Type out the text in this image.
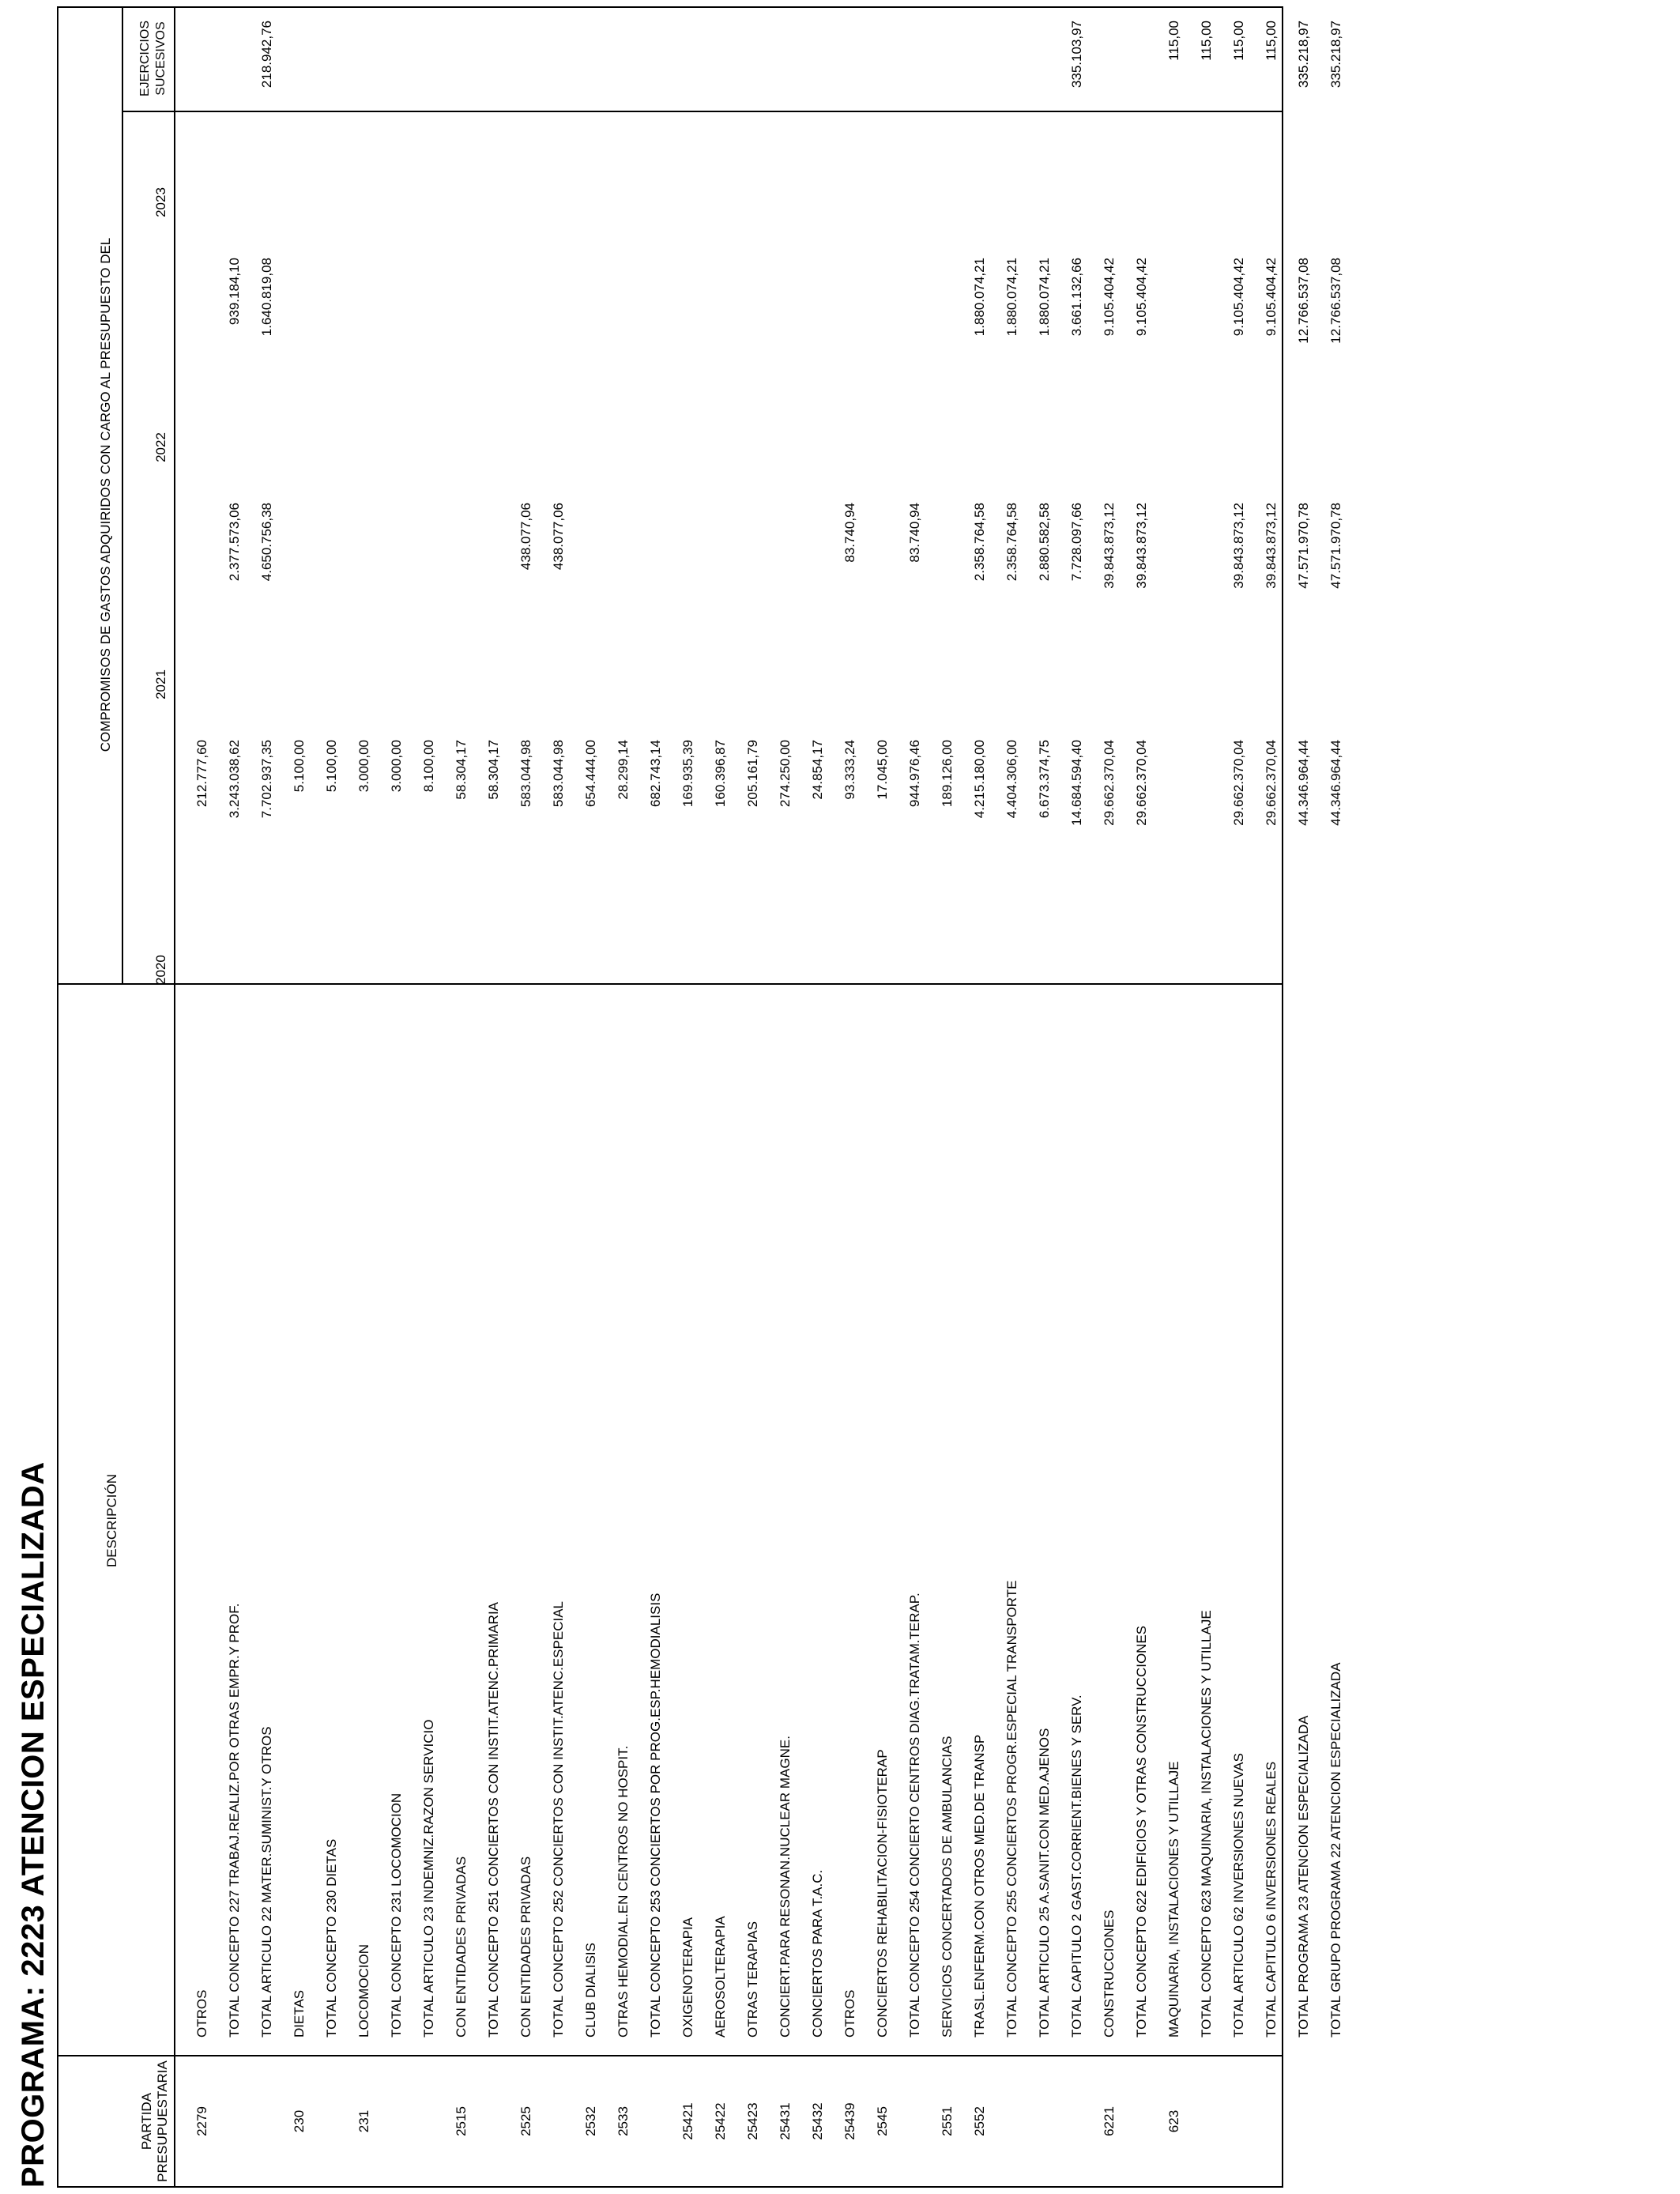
PROGRAMA: 2223 ATENCION ESPECIALIZADA	PARTIDA PRESUPUESTARIA
DESCRIPCIÓN
COMPROMISOS DE GASTOS ADQUIRIDOS CON CARGO AL PRESUPUESTO DEL
2020
2021
2022
2023
EJERCICIOS SUCESIVOS
2279
OTROS
212.777,60
TOTAL CONCEPTO 227 TRABAJ.REALIZ.POR OTRAS EMPR.Y PROF.
3.243.038,62
2.377.573,06
939.184,10
TOTAL ARTICULO 22 MATER.SUMINIST.Y OTROS
7.702.937,35
4.650.756,38
1.640.819,08
218.942,76
230
DIETAS
5.100,00
TOTAL CONCEPTO 230 DIETAS
5.100,00
231
LOCOMOCION
3.000,00
TOTAL CONCEPTO 231 LOCOMOCION
3.000,00
TOTAL ARTICULO 23 INDEMNIZ.RAZON SERVICIO
8.100,00
2515
CON ENTIDADES PRIVADAS
58.304,17
TOTAL CONCEPTO 251 CONCIERTOS CON INSTIT.ATENC.PRIMARIA
58.304,17
2525
CON ENTIDADES PRIVADAS
583.044,98
438.077,06
TOTAL CONCEPTO 252 CONCIERTOS CON INSTIT.ATENC.ESPECIAL
583.044,98
438.077,06
2532
CLUB DIALISIS
654.444,00
2533
OTRAS HEMODIAL.EN CENTROS NO HOSPIT.
28.299,14
TOTAL CONCEPTO 253 CONCIERTOS POR PROG.ESP.HEMODIALISIS
682.743,14
25421
OXIGENOTERAPIA
169.935,39
25422
AEROSOLTERAPIA
160.396,87
25423
OTRAS TERAPIAS
205.161,79
25431
CONCIERT.PARA RESONAN.NUCLEAR MAGNE.
274.250,00
25432
CONCIERTOS PARA T.A.C.
24.854,17
25439
OTROS
93.333,24
83.740,94
2545
CONCIERTOS REHABILITACION-FISIOTERAP
17.045,00
TOTAL CONCEPTO 254 CONCIERTO CENTROS DIAG.TRATAM.TERAP.
944.976,46
83.740,94
2551
SERVICIOS CONCERTADOS DE AMBULANCIAS
189.126,00
2552
TRASL.ENFERM.CON OTROS MED.DE TRANSP
4.215.180,00
2.358.764,58
1.880.074,21
TOTAL CONCEPTO 255 CONCIERTOS PROGR.ESPECIAL TRANSPORTE
4.404.306,00
2.358.764,58
1.880.074,21
TOTAL ARTICULO 25 A.SANIT.CON MED.AJENOS
6.673.374,75
2.880.582,58
1.880.074,21
TOTAL CAPITULO 2 GAST.CORRIENT.BIENES Y SERV.
14.684.594,40
7.728.097,66
3.661.132,66
335.103,97
6221
CONSTRUCCIONES
29.662.370,04
39.843.873,12
9.105.404,42
TOTAL CONCEPTO 622 EDIFICIOS Y OTRAS CONSTRUCCIONES
29.662.370,04
39.843.873,12
9.105.404,42
623
MAQUINARIA, INSTALACIONES Y UTILLAJE
115,00
TOTAL CONCEPTO 623 MAQUINARIA, INSTALACIONES Y UTILLAJE
115,00
TOTAL ARTICULO 62 INVERSIONES NUEVAS
29.662.370,04
39.843.873,12
9.105.404,42
115,00
TOTAL CAPITULO 6 INVERSIONES REALES
29.662.370,04
39.843.873,12
9.105.404,42
115,00
TOTAL PROGRAMA 23 ATENCION ESPECIALIZADA
44.346.964,44
47.571.970,78
12.766.537,08
335.218,97
TOTAL GRUPO PROGRAMA 22 ATENCION ESPECIALIZADA
44.346.964,44
47.571.970,78
12.766.537,08
335.218,97
